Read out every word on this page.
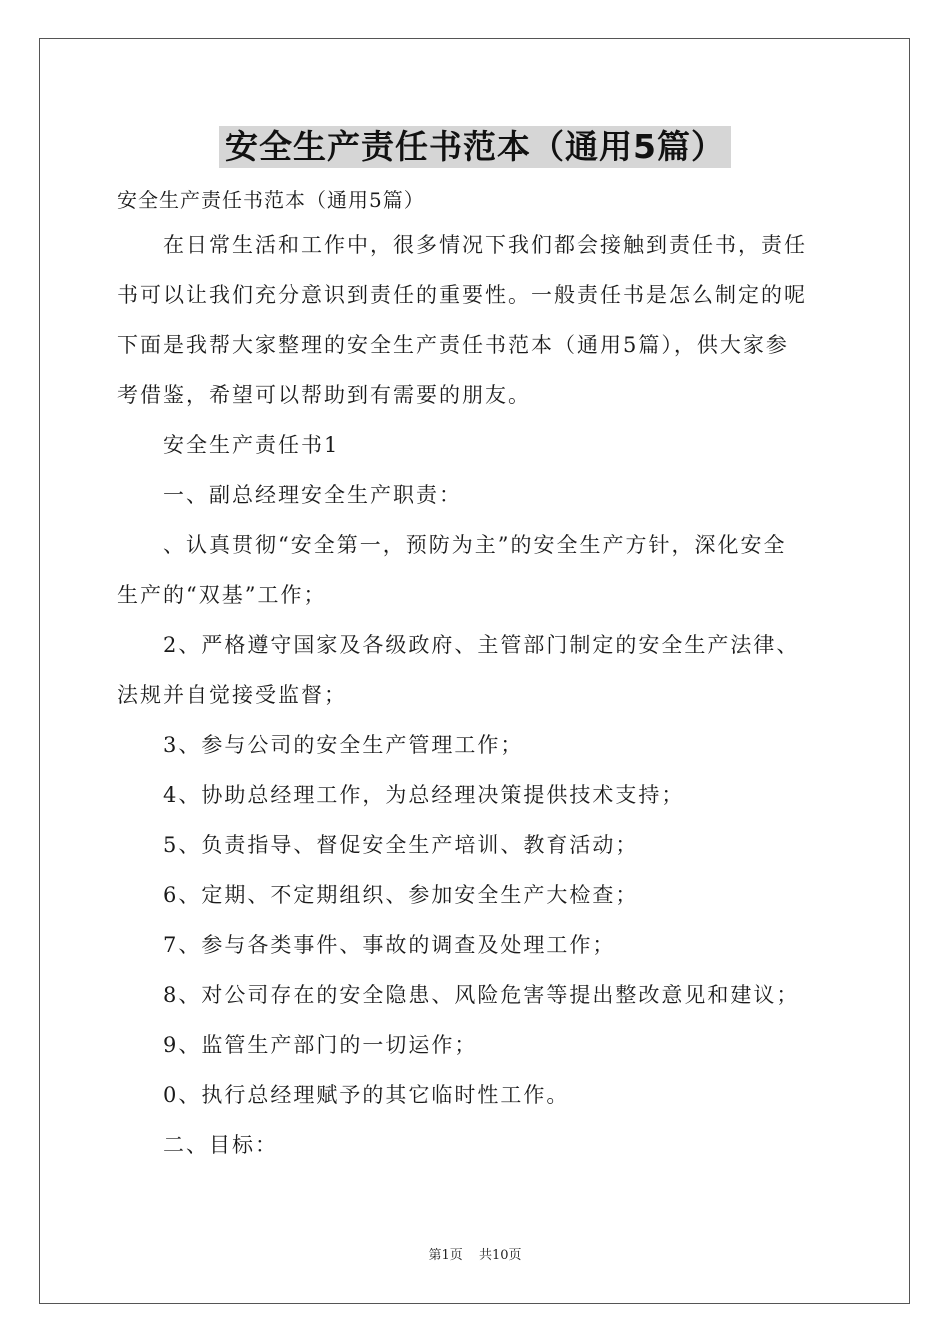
安全生产责任书范本（通用5篇）
安全生产责任书范本（通用5篇）
在日常生活和工作中，很多情况下我们都会接触到责任书，责任
书可以让我们充分意识到责任的重要性。一般责任书是怎么制定的呢
下面是我帮大家整理的安全生产责任书范本（通用5篇），供大家参
考借鉴，希望可以帮助到有需要的朋友。
安全生产责任书1
一、副总经理安全生产职责：
、认真贯彻“安全第一，预防为主”的安全生产方针，深化安全
生产的“双基”工作；
2、严格遵守国家及各级政府、主管部门制定的安全生产法律、
法规并自觉接受监督；
3、参与公司的安全生产管理工作；
4、协助总经理工作，为总经理决策提供技术支持；
5、负责指导、督促安全生产培训、教育活动；
6、定期、不定期组织、参加安全生产大检查；
7、参与各类事件、事故的调查及处理工作；
8、对公司存在的安全隐患、风险危害等提出整改意见和建议；
9、监管生产部门的一切运作；
0、执行总经理赋予的其它临时性工作。
二、目标：
第1页 共10页
